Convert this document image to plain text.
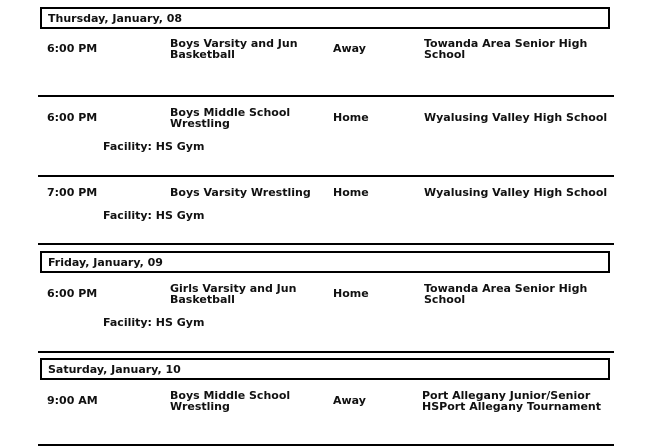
Thursday, January, 08
6:00 PM	Boys Varsity and Jun Basketball	Away	Towanda Area Senior High School
6:00 PM	Boys Middle School Wrestling	Home	Wyalusing Valley High School
Facility: HS Gym
7:00 PM	Boys Varsity Wrestling	Home	Wyalusing Valley High School
Facility: HS Gym
Friday, January, 09
6:00 PM	Girls Varsity and Jun Basketball	Home	Towanda Area Senior High School
Facility: HS Gym
Saturday, January, 10
9:00 AM	Boys Middle School Wrestling	Away	Port Allegany Junior/Senior HSPort Allegany Tournament
